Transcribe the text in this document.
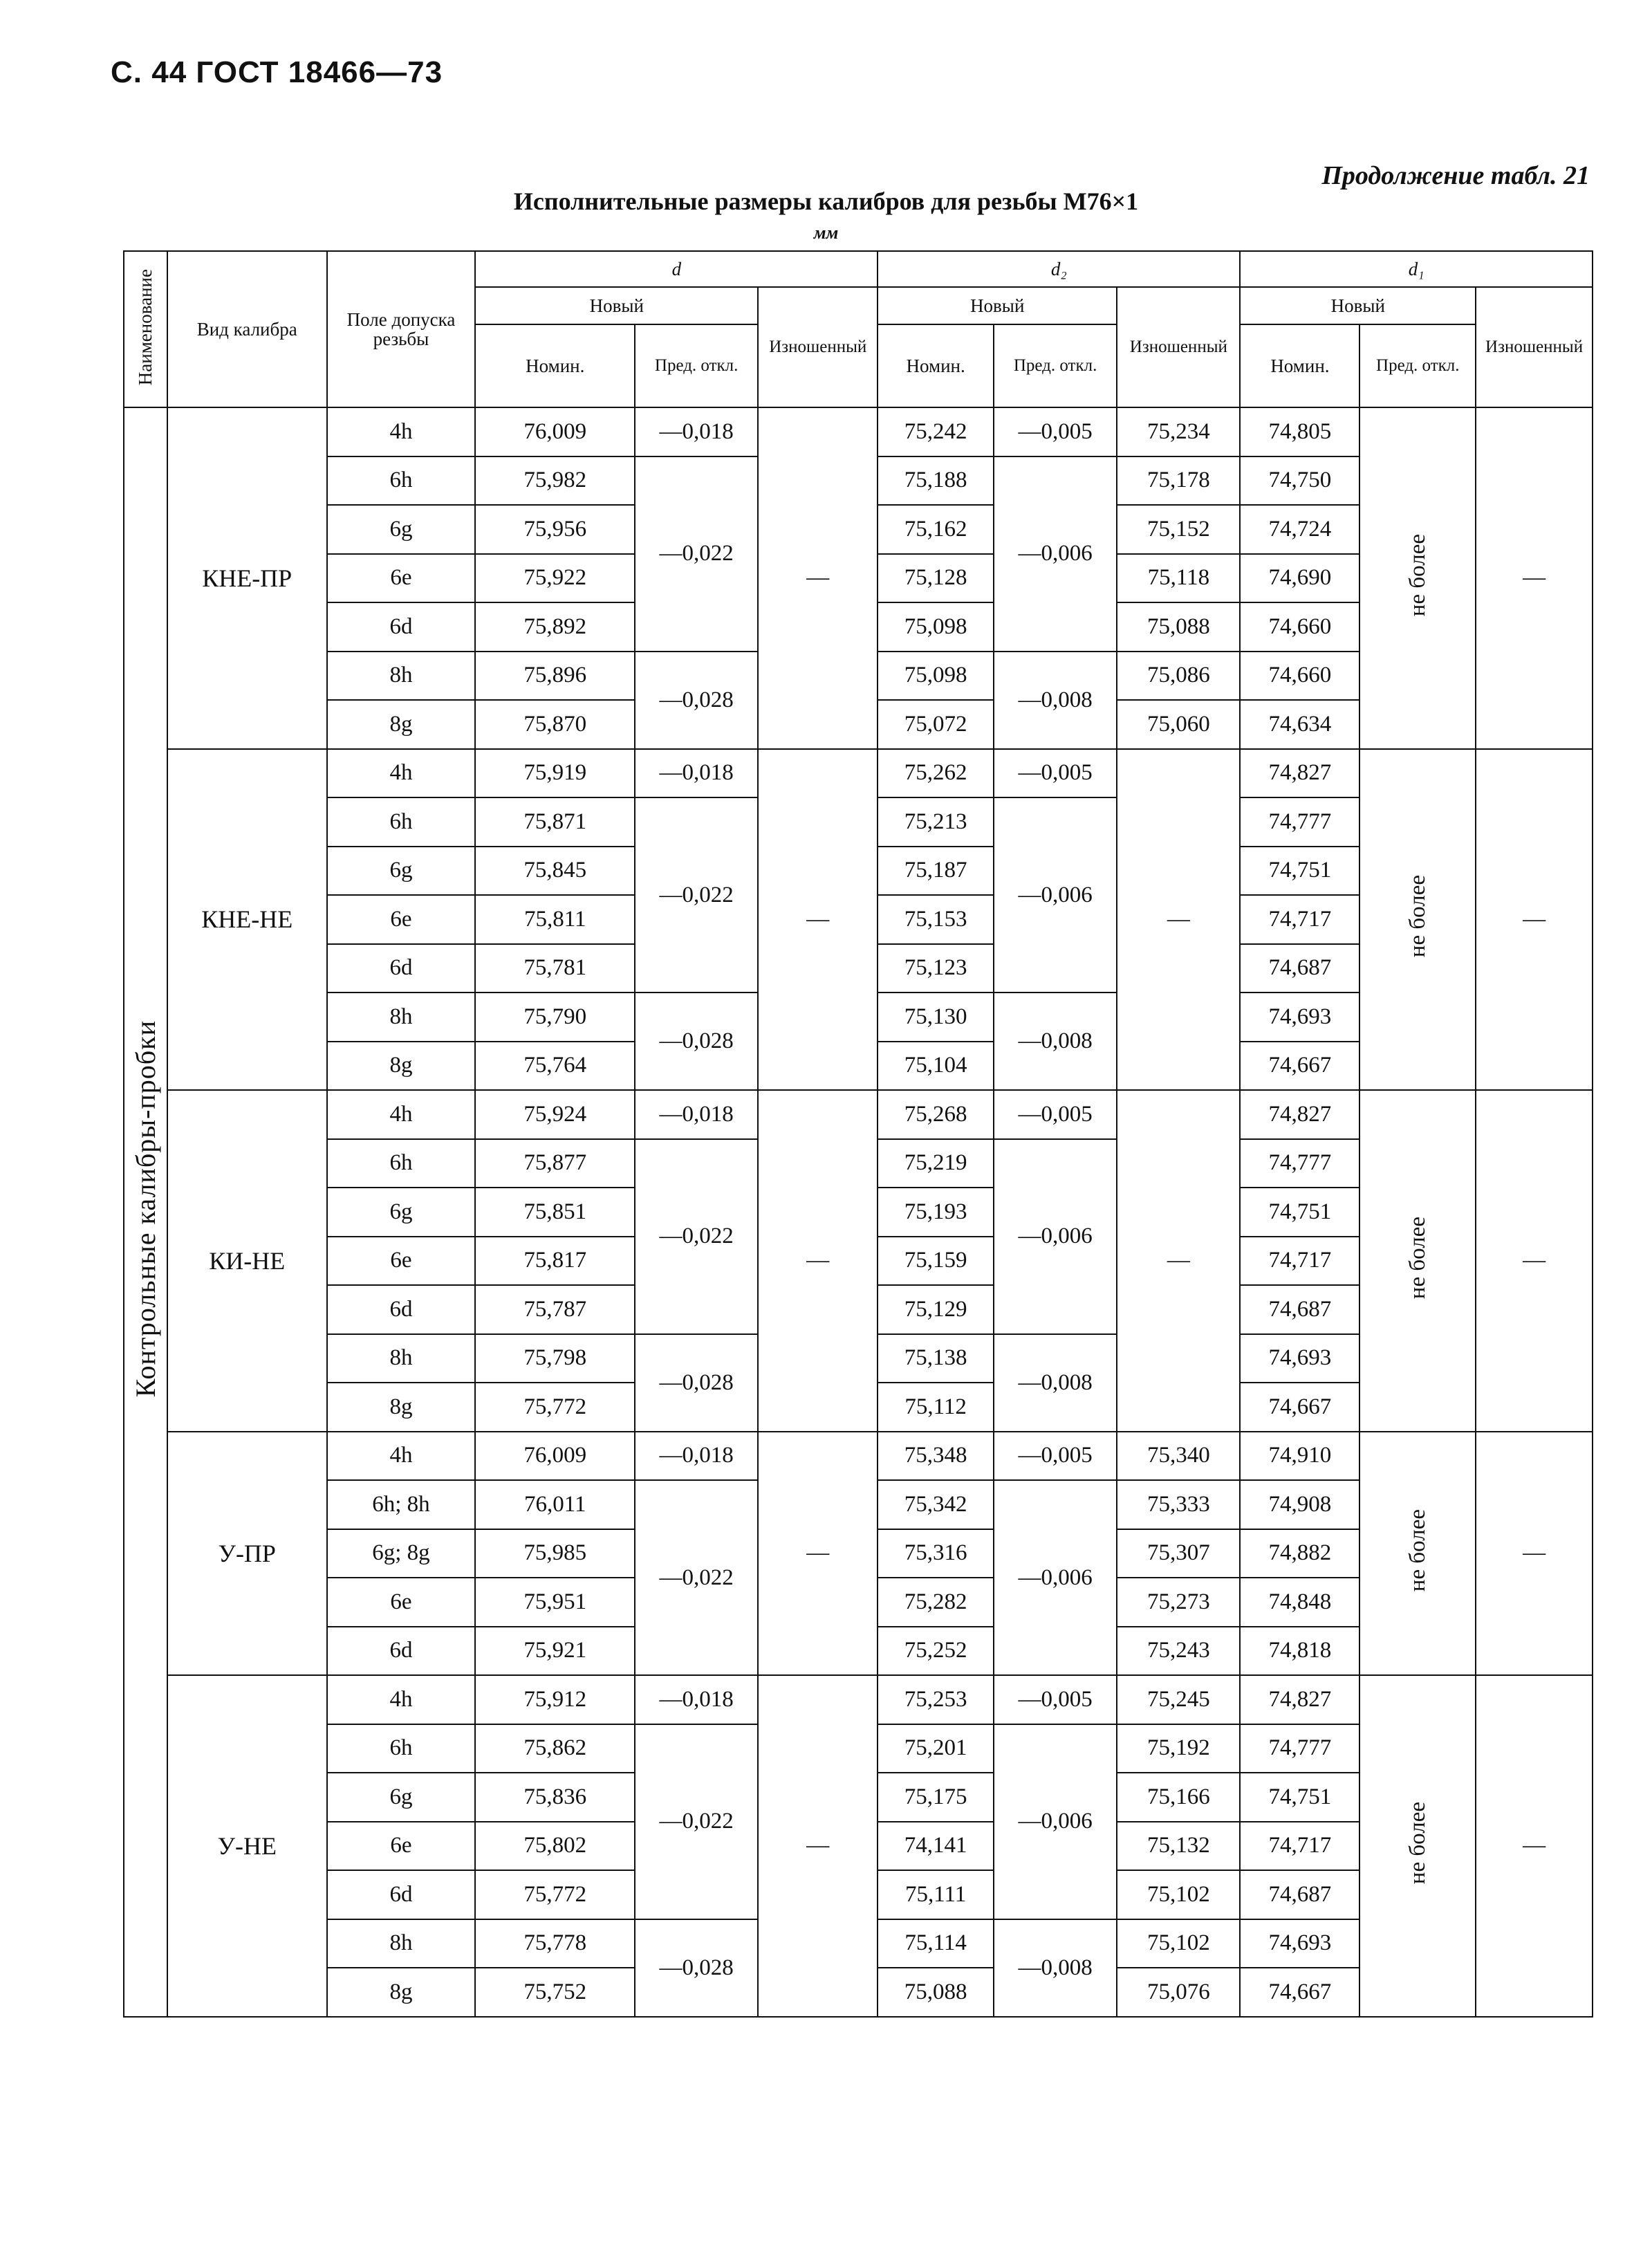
С. 44 ГОСТ 18466—73
Продолжение табл. 21
Исполнительные размеры калибров для резьбы М76×1
мм
Наименование	Вид калибра	Поле допуска резьбы	d			d₂			d₁		
			Новый		Изношенный	Новый		Изношенный	Новый		Изношенный
			Номин.	Пред. откл.		Номин.	Пред. откл.		Номин.	Пред. откл.	
Контрольные калибры-пробки	КНЕ-ПР	4h	76,009	—0,018	—	75,242	—0,005	75,234	74,805	не более	—
		6h	75,982	—0,022		75,188	—0,006	75,178	74,750		
		6g	75,956			75,162		75,152	74,724		
		6e	75,922			75,128		75,118	74,690		
		6d	75,892			75,098		75,088	74,660		
		8h	75,896	—0,028		75,098	—0,008	75,086	74,660		
		8g	75,870			75,072		75,060	74,634		
	КНЕ-НЕ	4h	75,919	—0,018	—	75,262	—0,005	—	74,827	не более	—
		6h	75,871	—0,022		75,213	—0,006		74,777		
		6g	75,845			75,187			74,751		
		6e	75,811			75,153			74,717		
		6d	75,781			75,123			74,687		
		8h	75,790	—0,028		75,130	—0,008		74,693		
		8g	75,764			75,104			74,667		
	КИ-НЕ	4h	75,924	—0,018	—	75,268	—0,005	—	74,827	не более	—
		6h	75,877	—0,022		75,219	—0,006		74,777		
		6g	75,851			75,193			74,751		
		6e	75,817			75,159			74,717		
		6d	75,787			75,129			74,687		
		8h	75,798	—0,028		75,138	—0,008		74,693		
		8g	75,772			75,112			74,667		
	У-ПР	4h	76,009	—0,018	—	75,348	—0,005	75,340	74,910	не более	—
		6h; 8h	76,011	—0,022		75,342	—0,006	75,333	74,908		
		6g; 8g	75,985			75,316		75,307	74,882		
		6e	75,951			75,282		75,273	74,848		
		6d	75,921			75,252		75,243	74,818		
	У-НЕ	4h	75,912	—0,018	—	75,253	—0,005	75,245	74,827	не более	—
		6h	75,862	—0,022		75,201	—0,006	75,192	74,777		
		6g	75,836			75,175		75,166	74,751		
		6e	75,802			74,141		75,132	74,717		
		6d	75,772			75,111		75,102	74,687		
		8h	75,778	—0,028		75,114	—0,008	75,102	74,693		
		8g	75,752			75,088		75,076	74,667		
